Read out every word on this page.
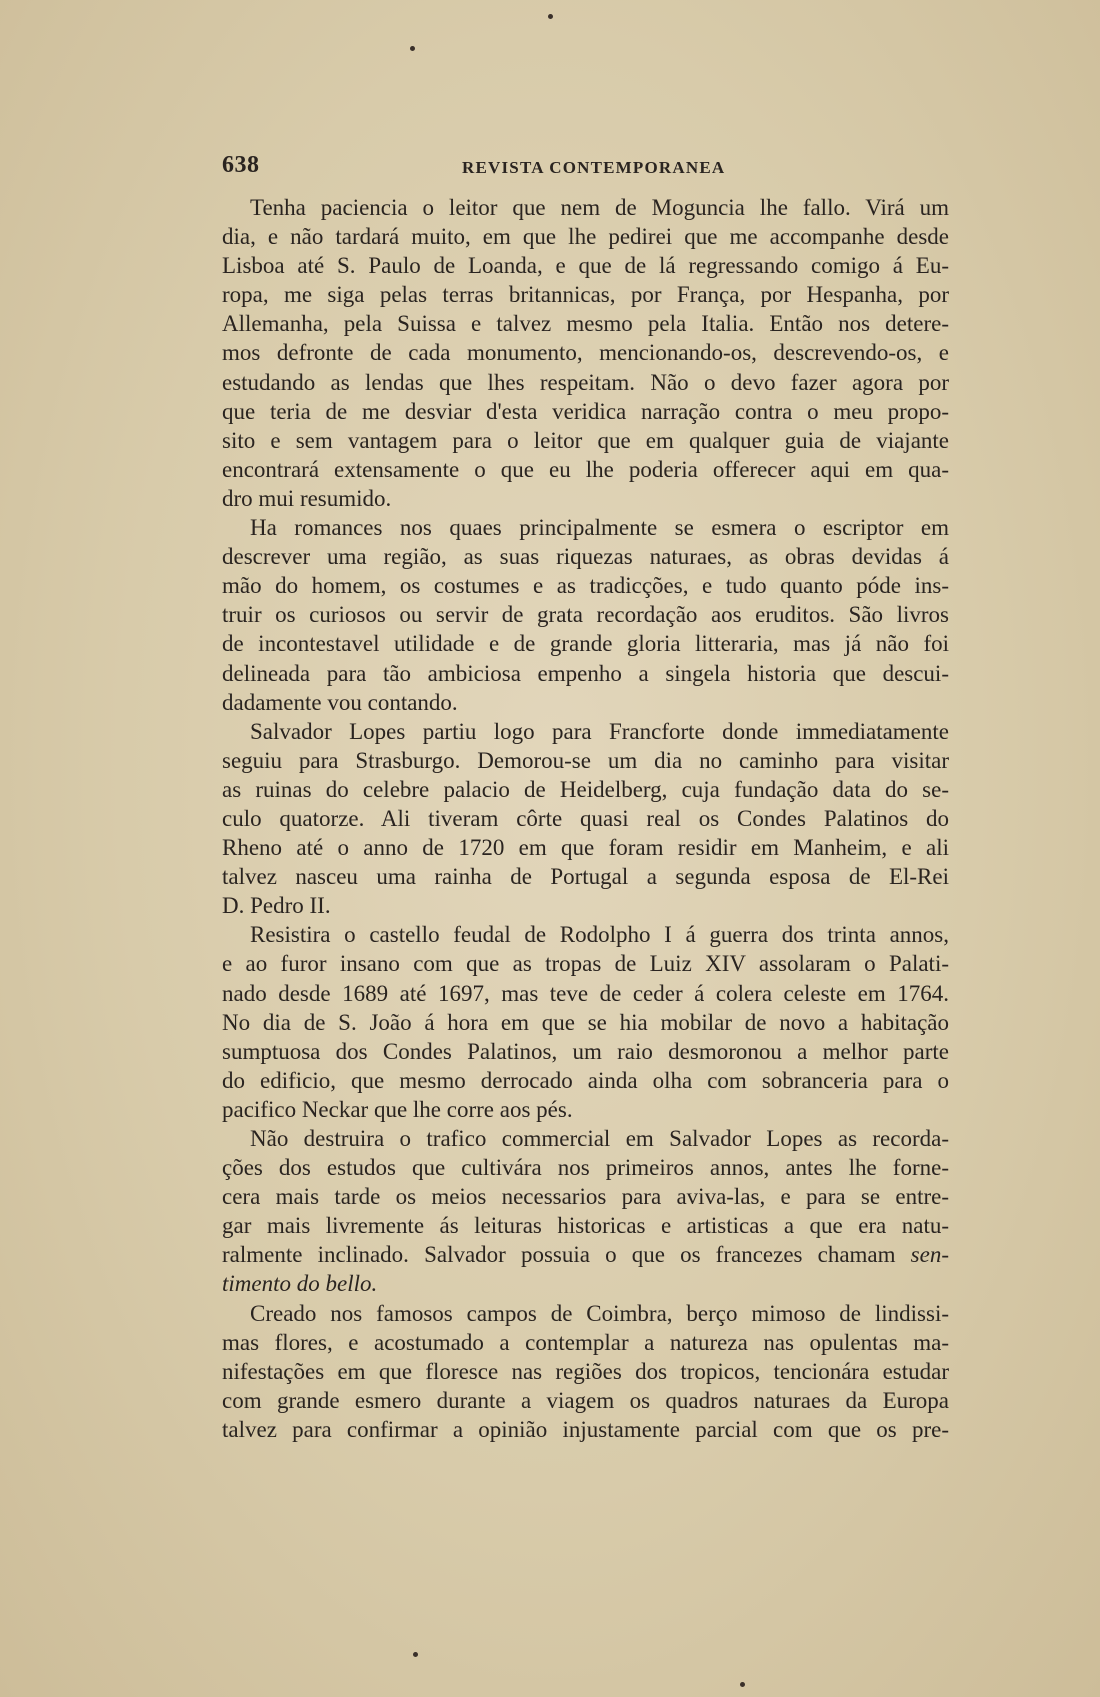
638	REVISTA CONTEMPORANEA
Tenha paciencia o leitor que nem de Moguncia lhe fallo. Virá um
dia, e não tardará muito, em que lhe pedirei que me accompanhe desde
Lisboa até S. Paulo de Loanda, e que de lá regressando comigo á Eu-
ropa, me siga pelas terras britannicas, por França, por Hespanha, por
Allemanha, pela Suissa e talvez mesmo pela Italia. Então nos detere-
mos defronte de cada monumento, mencionando-os, descrevendo-os, e
estudando as lendas que lhes respeitam. Não o devo fazer agora por
que teria de me desviar d'esta veridica narração contra o meu propo-
sito e sem vantagem para o leitor que em qualquer guia de viajante
encontrará extensamente o que eu lhe poderia offerecer aqui em qua-
dro mui resumido.
Ha romances nos quaes principalmente se esmera o escriptor em
descrever uma região, as suas riquezas naturaes, as obras devidas á
mão do homem, os costumes e as tradicções, e tudo quanto póde ins-
truir os curiosos ou servir de grata recordação aos eruditos. São livros
de incontestavel utilidade e de grande gloria litteraria, mas já não foi
delineada para tão ambiciosa empenho a singela historia que descui-
dadamente vou contando.
Salvador Lopes partiu logo para Francforte donde immediatamente
seguiu para Strasburgo. Demorou-se um dia no caminho para visitar
as ruinas do celebre palacio de Heidelberg, cuja fundação data do se-
culo quatorze. Ali tiveram côrte quasi real os Condes Palatinos do
Rheno até o anno de 1720 em que foram residir em Manheim, e ali
talvez nasceu uma rainha de Portugal a segunda esposa de El-Rei
D. Pedro II.
Resistira o castello feudal de Rodolpho I á guerra dos trinta annos,
e ao furor insano com que as tropas de Luiz XIV assolaram o Palati-
nado desde 1689 até 1697, mas teve de ceder á colera celeste em 1764.
No dia de S. João á hora em que se hia mobilar de novo a habitação
sumptuosa dos Condes Palatinos, um raio desmoronou a melhor parte
do edificio, que mesmo derrocado ainda olha com sobranceria para o
pacifico Neckar que lhe corre aos pés.
Não destruira o trafico commercial em Salvador Lopes as recorda-
ções dos estudos que cultivára nos primeiros annos, antes lhe forne-
cera mais tarde os meios necessarios para aviva-las, e para se entre-
gar mais livremente ás leituras historicas e artisticas a que era natu-
ralmente inclinado. Salvador possuia o que os francezes chamam sen-
timento do bello.
Creado nos famosos campos de Coimbra, berço mimoso de lindissi-
mas flores, e acostumado a contemplar a natureza nas opulentas ma-
nifestações em que floresce nas regiões dos tropicos, tencionára estudar
com grande esmero durante a viagem os quadros naturaes da Europa
talvez para confirmar a opinião injustamente parcial com que os pre-
